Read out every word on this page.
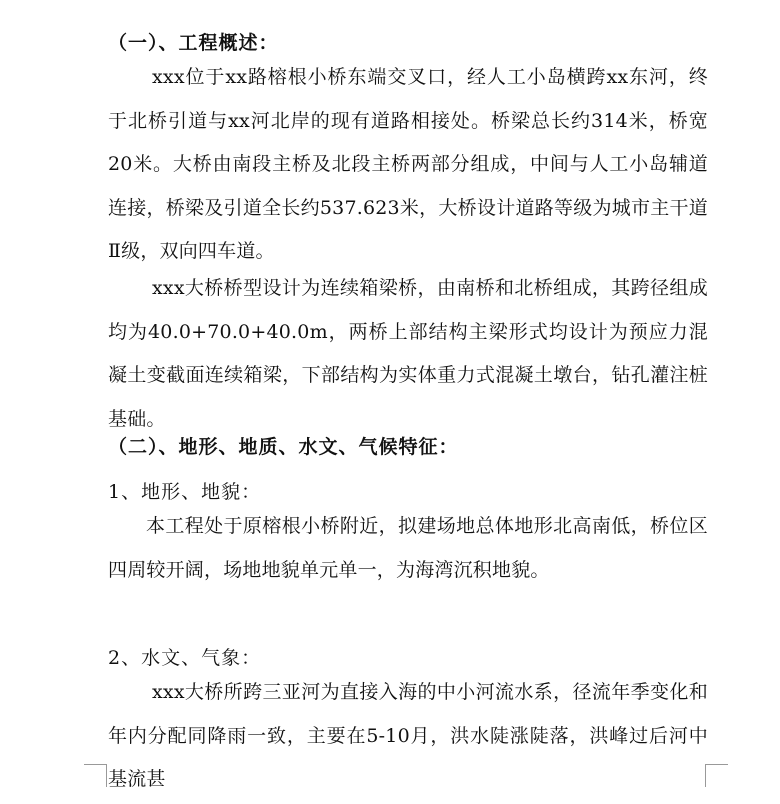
（一）、工程概述：
xxx位于xx路榕根小桥东端交叉口，经人工小岛横跨xx东河，终于北桥引道与xx河北岸的现有道路相接处。桥梁总长约314米，桥宽20米。大桥由南段主桥及北段主桥两部分组成，中间与人工小岛辅道连接，桥梁及引道全长约537.623米，大桥设计道路等级为城市主干道Ⅱ级，双向四车道。
xxx大桥桥型设计为连续箱梁桥，由南桥和北桥组成，其跨径组成均为40.0+70.0+40.0m，两桥上部结构主梁形式均设计为预应力混凝土变截面连续箱梁，下部结构为实体重力式混凝土墩台，钻孔灌注桩基础。
（二）、地形、地质、水文、气候特征：
1、地形、地貌：
本工程处于原榕根小桥附近，拟建场地总体地形北高南低，桥位区四周较开阔，场地地貌单元单一，为海湾沉积地貌。
2、水文、气象：
xxx大桥所跨三亚河为直接入海的中小河流水系，径流年季变化和年内分配同降雨一致，主要在5-10月，洪水陡涨陡落，洪峰过后河中基流甚
